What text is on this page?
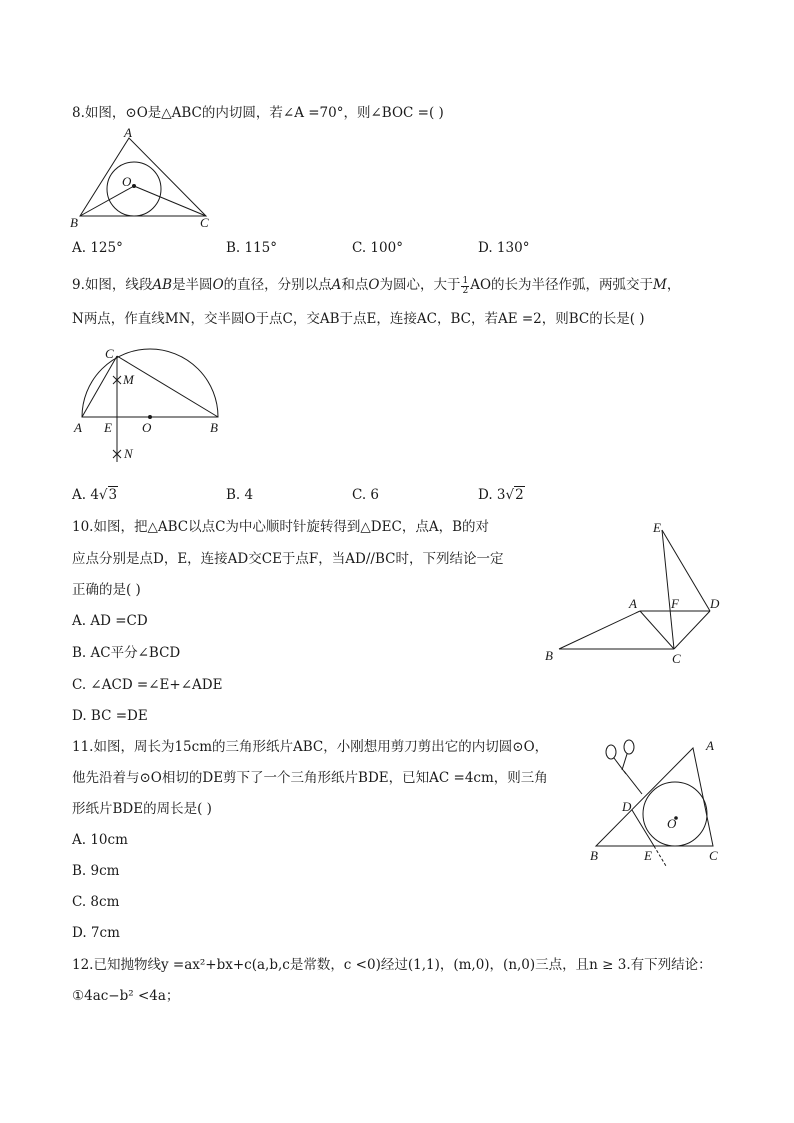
8.如图，⊙O是△ABC的内切圆，若∠A =70°，则∠BOC =( )
A
B	C
O
A. 125°	B. 115°	C. 100°	D. 130°
9.如图，线段AB是半圆O的直径，分别以点A和点O为圆心，大于 $\frac{1}{2}$ AO的长为半径作弧，两弧交于M，
N两点，作直线MN，交半圆O于点C，交AB于点E，连接AC，BC，若AE =2，则BC的长是( )
C
M
A E O	B
N
A. 4√3	B. 4	C. 6	D. 3√2
10.如图，把△ABC以点C为中心顺时针旋转得到△DEC，点A，B的对
应点分别是点D，E，连接AD交CE于点F，当AD//BC时，下列结论一定
正确的是( )
A. AD =CD
B. AC平分∠BCD
C. ∠ACD =∠E+∠ADE
D. BC =DE
E
A	F D
B	C
11.如图，周长为15cm的三角形纸片ABC，小刚想用剪刀剪出它的内切圆⊙O，
他先沿着与⊙O相切的DE剪下了一个三角形纸片BDE，已知AC =4cm，则三角
形纸片BDE的周长是( )
A. 10cm
B. 9cm
C. 8cm
D. 7cm
A
D
O
B	E	C
12.已知抛物线y =ax²+bx+c(a,b,c是常数，c <0)经过(1,1)，(m,0)，(n,0)三点，且n ≥ 3.有下列结论：
①4ac−b² <4a；
